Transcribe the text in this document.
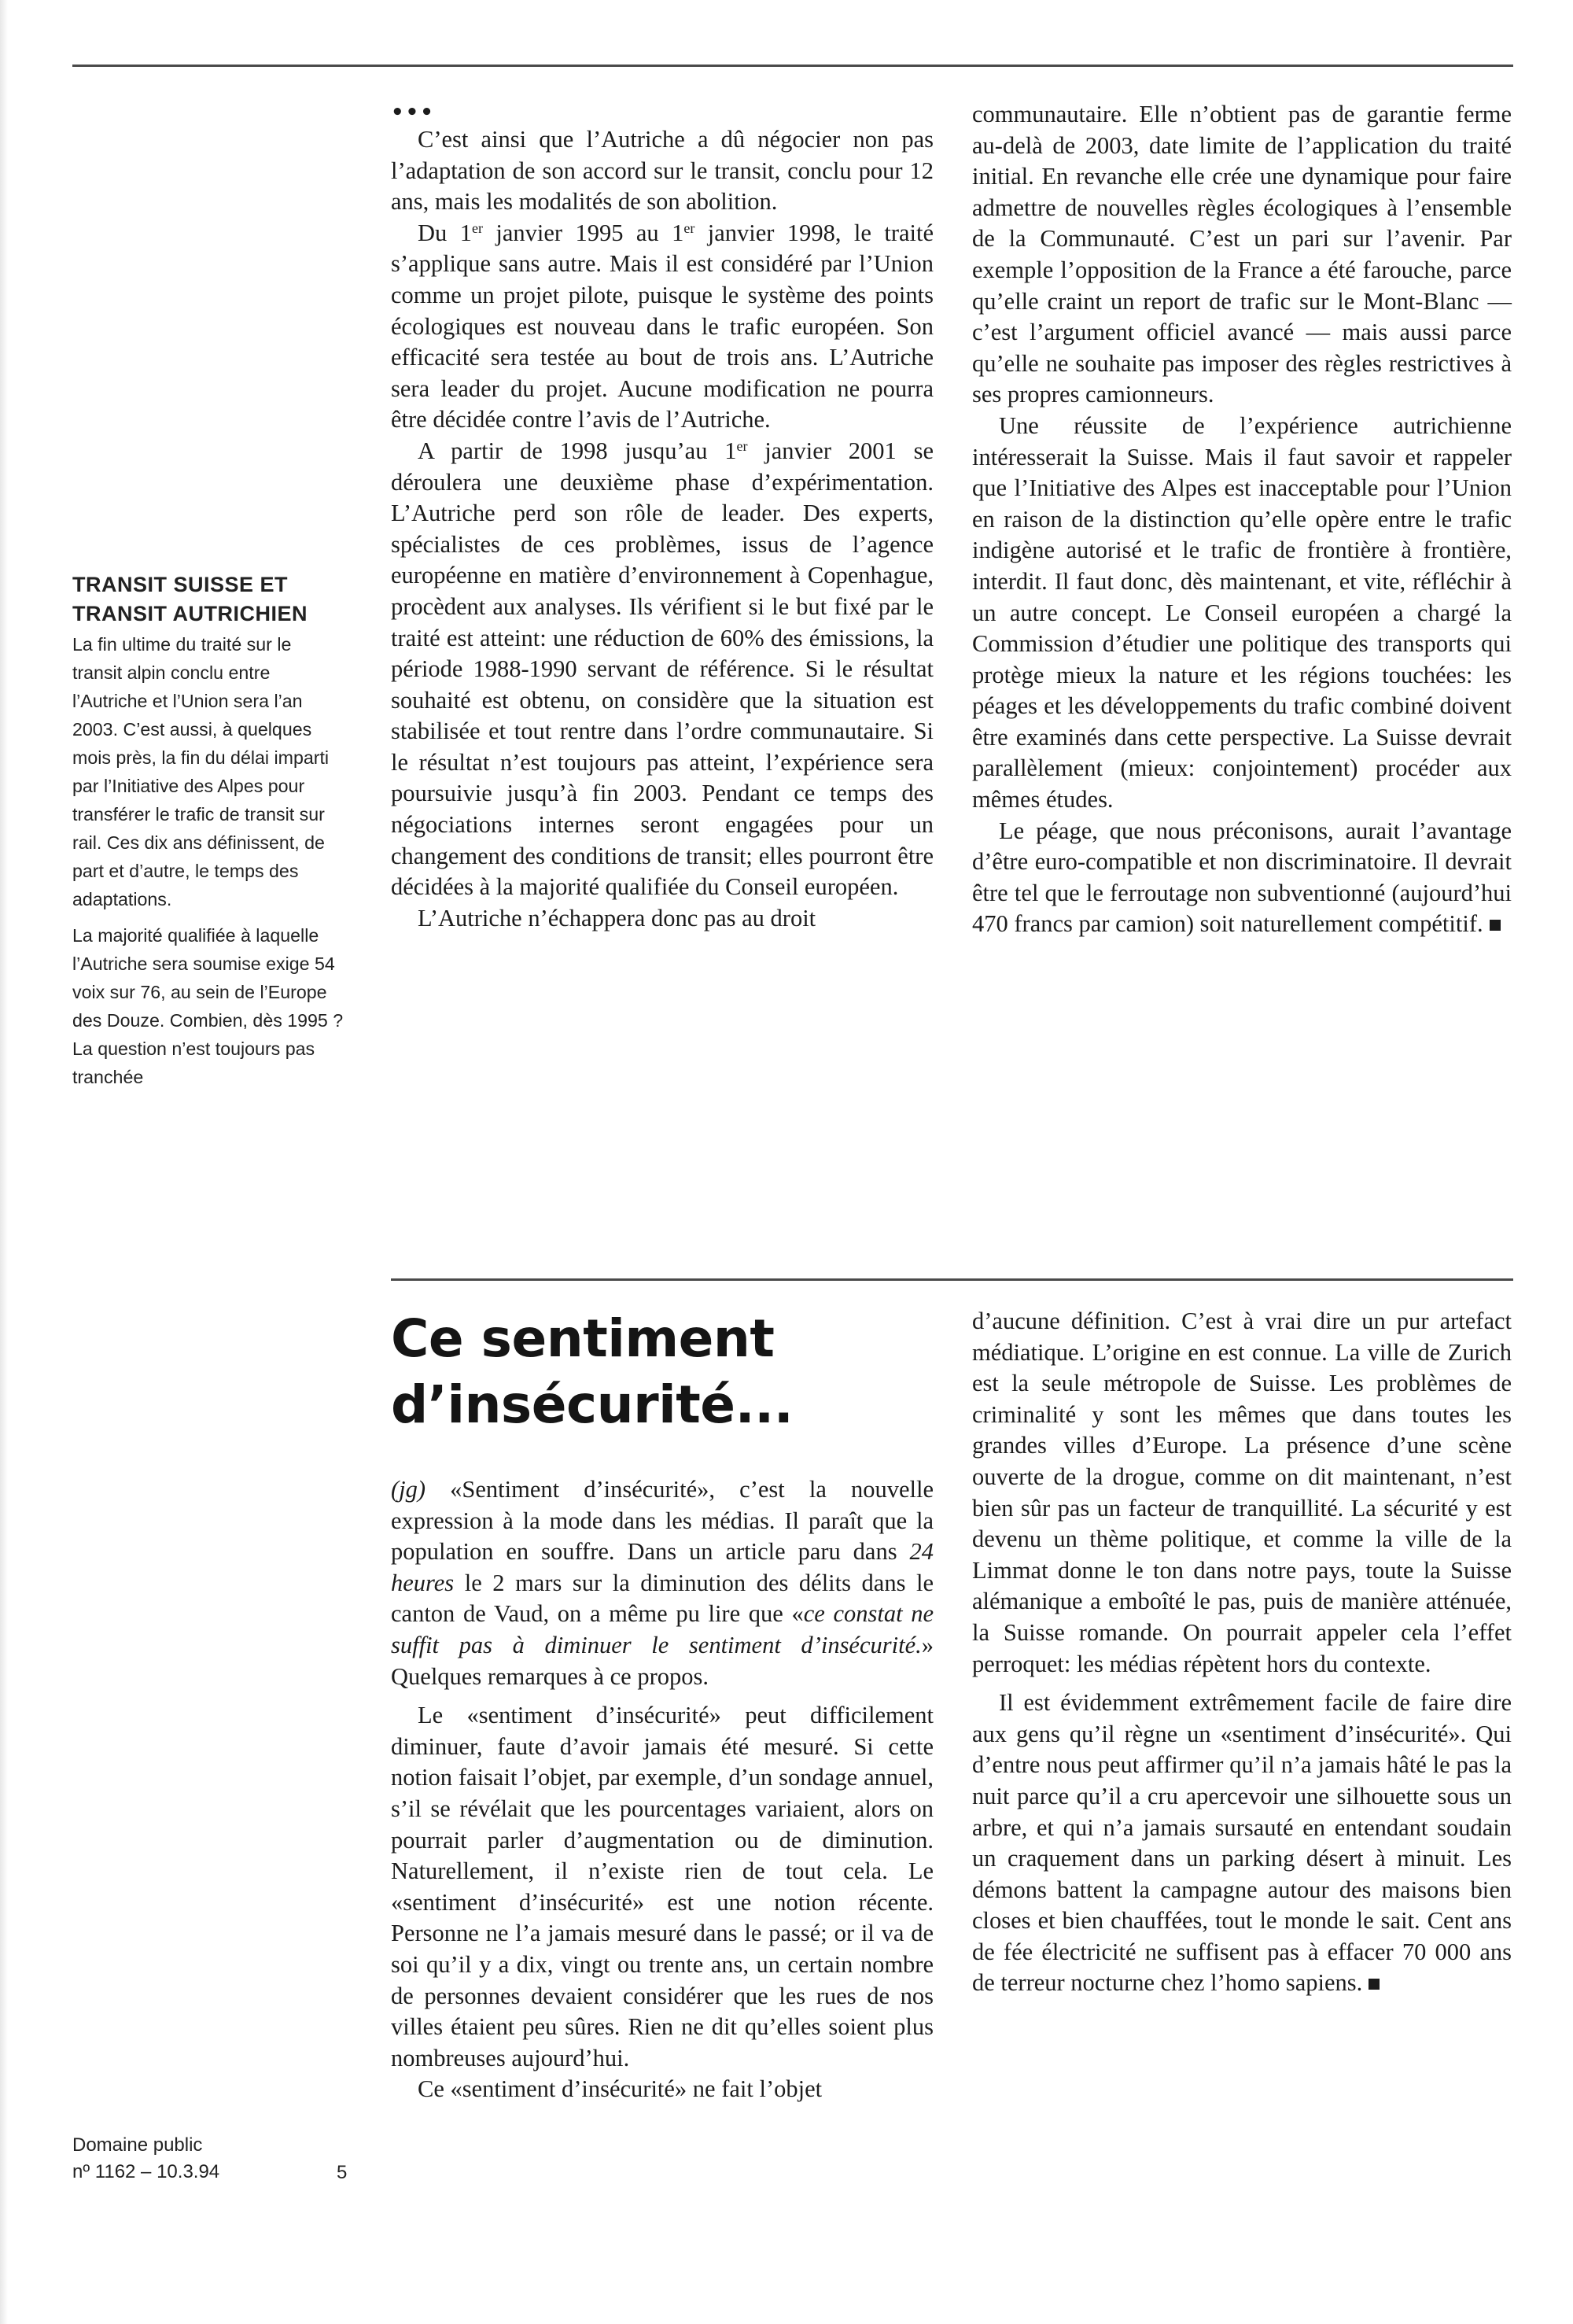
•••

C’est ainsi que l’Autriche a dû négocier non pas l’adaptation de son accord sur le transit, conclu pour 12 ans, mais les modalités de son abolition.

Du 1er janvier 1995 au 1er janvier 1998, le traité s’applique sans autre. Mais il est considéré par l’Union comme un projet pilote, puisque le système des points écologiques est nouveau dans le trafic européen. Son efficacité sera testée au bout de trois ans. L’Autriche sera leader du projet. Aucune modification ne pourra être décidée contre l’avis de l’Autriche.

A partir de 1998 jusqu’au 1er janvier 2001 se déroulera une deuxième phase d’expérimentation. L’Autriche perd son rôle de leader. Des experts, spécialistes de ces problèmes, issus de l’agence européenne en matière d’environnement à Copenhague, procèdent aux analyses. Ils vérifient si le but fixé par le traité est atteint: une réduction de 60% des émissions, la période 1988-1990 servant de référence. Si le résultat souhaité est obtenu, on considère que la situation est stabilisée et tout rentre dans l’ordre communautaire. Si le résultat n’est toujours pas atteint, l’expérience sera poursuivie jusqu’à fin 2003. Pendant ce temps des négociations internes seront engagées pour un changement des conditions de transit; elles pourront être décidées à la majorité qualifiée du Conseil européen.

L’Autriche n’échappera donc pas au droit

communautaire. Elle n’obtient pas de garantie ferme au-delà de 2003, date limite de l’application du traité initial. En revanche elle crée une dynamique pour faire admettre de nouvelles règles écologiques à l’ensemble de la Communauté. C’est un pari sur l’avenir. Par exemple l’opposition de la France a été farouche, parce qu’elle craint un report de trafic sur le Mont-Blanc — c’est l’argument officiel avancé — mais aussi parce qu’elle ne souhaite pas imposer des règles restrictives à ses propres camionneurs.

Une réussite de l’expérience autrichienne intéresserait la Suisse. Mais il faut savoir et rappeler que l’Initiative des Alpes est inacceptable pour l’Union en raison de la distinction qu’elle opère entre le trafic indigène autorisé et le trafic de frontière à frontière, interdit. Il faut donc, dès maintenant, et vite, réfléchir à un autre concept. Le Conseil européen a chargé la Commission d’étudier une politique des transports qui protège mieux la nature et les régions touchées: les péages et les développements du trafic combiné doivent être examinés dans cette perspective. La Suisse devrait parallèlement (mieux: conjointement) procéder aux mêmes études.

Le péage, que nous préconisons, aurait l’avantage d’être euro-compatible et non discriminatoire. Il devrait être tel que le ferroutage non subventionné (aujourd’hui 470 francs par camion) soit naturellement compétitif.

TRANSIT SUISSE ET
TRANSIT AUTRICHIEN

La fin ultime du traité sur le transit alpin conclu entre l’Autriche et l’Union sera l’an 2003. C’est aussi, à quelques mois près, la fin du délai imparti par l’Initiative des Alpes pour transférer le trafic de transit sur rail. Ces dix ans définissent, de part et d’autre, le temps des adaptations.

La majorité qualifiée à laquelle l’Autriche sera soumise exige 54 voix sur 76, au sein de l’Europe des Douze. Combien, dès 1995 ? La question n’est toujours pas tranchée

Ce sentiment
d’insécurité...

(jg) «Sentiment d’insécurité», c’est la nouvelle expression à la mode dans les médias. Il paraît que la population en souffre. Dans un article paru dans 24 heures le 2 mars sur la diminution des délits dans le canton de Vaud, on a même pu lire que «ce constat ne suffit pas à diminuer le sentiment d’insécurité.» Quelques remarques à ce propos.

Le «sentiment d’insécurité» peut difficilement diminuer, faute d’avoir jamais été mesuré. Si cette notion faisait l’objet, par exemple, d’un sondage annuel, s’il se révélait que les pourcentages variaient, alors on pourrait parler d’augmentation ou de diminution. Naturellement, il n’existe rien de tout cela. Le «sentiment d’insécurité» est une notion récente. Personne ne l’a jamais mesuré dans le passé; or il va de soi qu’il y a dix, vingt ou trente ans, un certain nombre de personnes devaient considérer que les rues de nos villes étaient peu sûres. Rien ne dit qu’elles soient plus nombreuses aujourd’hui.

Ce «sentiment d’insécurité» ne fait l’objet

d’aucune définition. C’est à vrai dire un pur artefact médiatique. L’origine en est connue. La ville de Zurich est la seule métropole de Suisse. Les problèmes de criminalité y sont les mêmes que dans toutes les grandes villes d’Europe. La présence d’une scène ouverte de la drogue, comme on dit maintenant, n’est bien sûr pas un facteur de tranquillité. La sécurité y est devenu un thème politique, et comme la ville de la Limmat donne le ton dans notre pays, toute la Suisse alémanique a emboîté le pas, puis de manière atténuée, la Suisse romande. On pourrait appeler cela l’effet perroquet: les médias répètent hors du contexte.

Il est évidemment extrêmement facile de faire dire aux gens qu’il règne un «sentiment d’insécurité». Qui d’entre nous peut affirmer qu’il n’a jamais hâté le pas la nuit parce qu’il a cru apercevoir une silhouette sous un arbre, et qui n’a jamais sursauté en entendant soudain un craquement dans un parking désert à minuit. Les démons battent la campagne autour des maisons bien closes et bien chauffées, tout le monde le sait. Cent ans de fée électricité ne suffisent pas à effacer 70 000 ans de terreur nocturne chez l’homo sapiens.

Domaine public
nº 1162 – 10.3.94	5
